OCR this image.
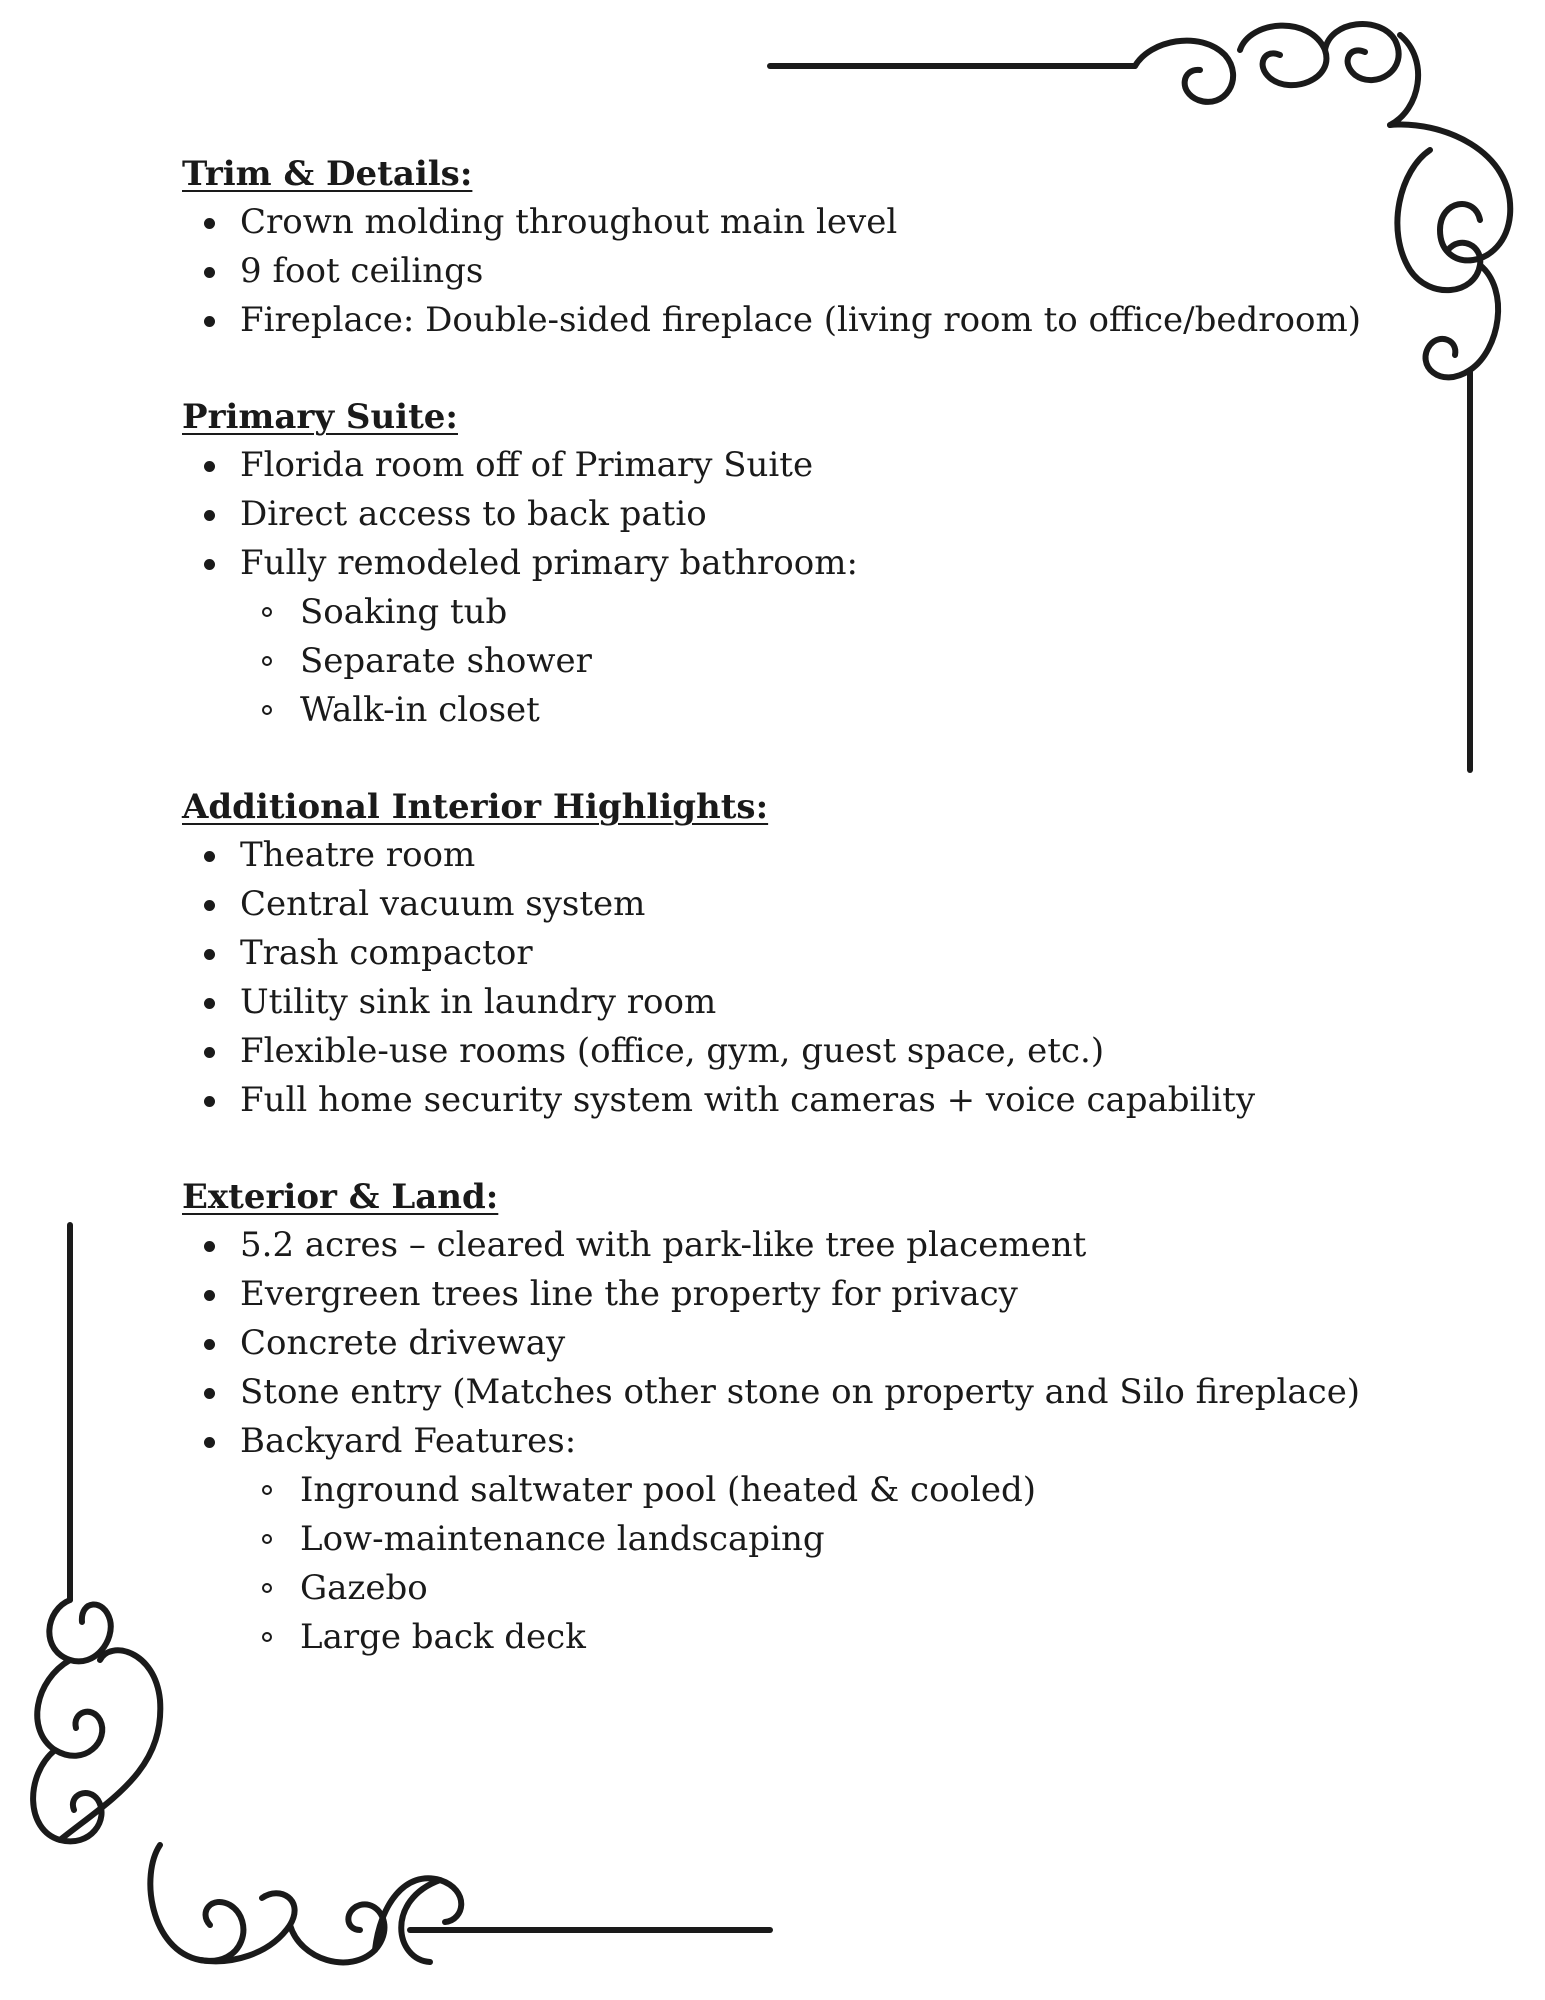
Trim & Details:

Crown molding throughout main level
9 foot ceilings
Fireplace: Double-sided fireplace (living room to office/bedroom)

Primary Suite:

Florida room off of Primary Suite
Direct access to back patio
Fully remodeled primary bathroom:
Soaking tub
Separate shower
Walk-in closet

Additional Interior Highlights:

Theatre room
Central vacuum system
Trash compactor
Utility sink in laundry room
Flexible-use rooms (office, gym, guest space, etc.)
Full home security system with cameras + voice capability

Exterior & Land:

5.2 acres – cleared with park-like tree placement
Evergreen trees line the property for privacy
Concrete driveway
Stone entry (Matches other stone on property and Silo fireplace)
Backyard Features:
Inground saltwater pool (heated & cooled)
Low-maintenance landscaping
Gazebo
Large back deck
